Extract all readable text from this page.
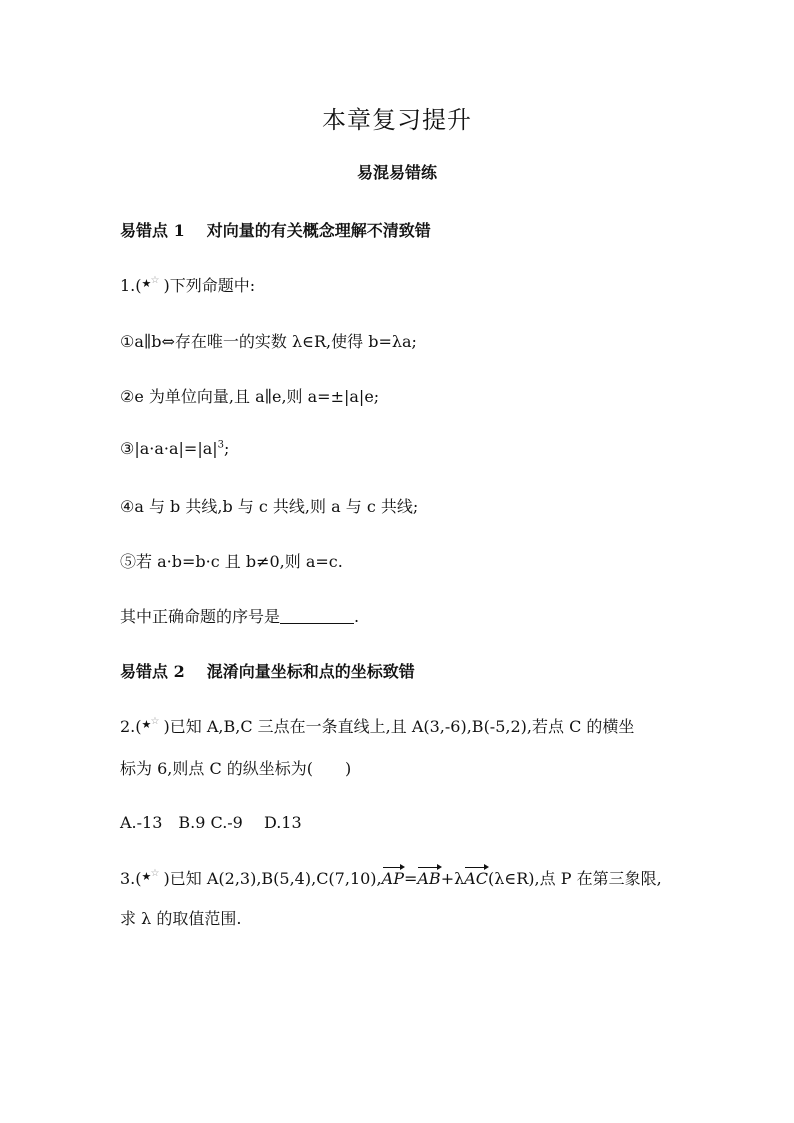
本章复习提升
易混易错练
易错点 1 对向量的有关概念理解不清致错
1.( ★ ☆ )下列命题中:
①a∥b⇔存在唯一的实数 λ∈R,使得 b=λa;
②e 为单位向量,且 a∥e,则 a=±|a|e;
$③|a\cdot a\cdot a|=|a|^3$;
④a 与 b 共线,b 与 c 共线,则 a 与 c 共线;
⑤若 a·b=b·c 且 b≠0,则 a=c.
其中正确命题的序号是	.
易错点 2 混淆向量坐标和点的坐标致错
2.( ★ ☆ )已知 A,B,C 三点在一条直线上,且 A(3,-6),B(-5,2),若点 C 的横坐
标为 6,则点 C 的纵坐标为(　　)
A.-13　B.9 C.-9　 D.13
3.( ★ ☆ )已知 A(2,3),B(5,4),C(7,10),AP=AB+λAC(λ∈R),点 P 在第三象限,
求 λ 的取值范围.
